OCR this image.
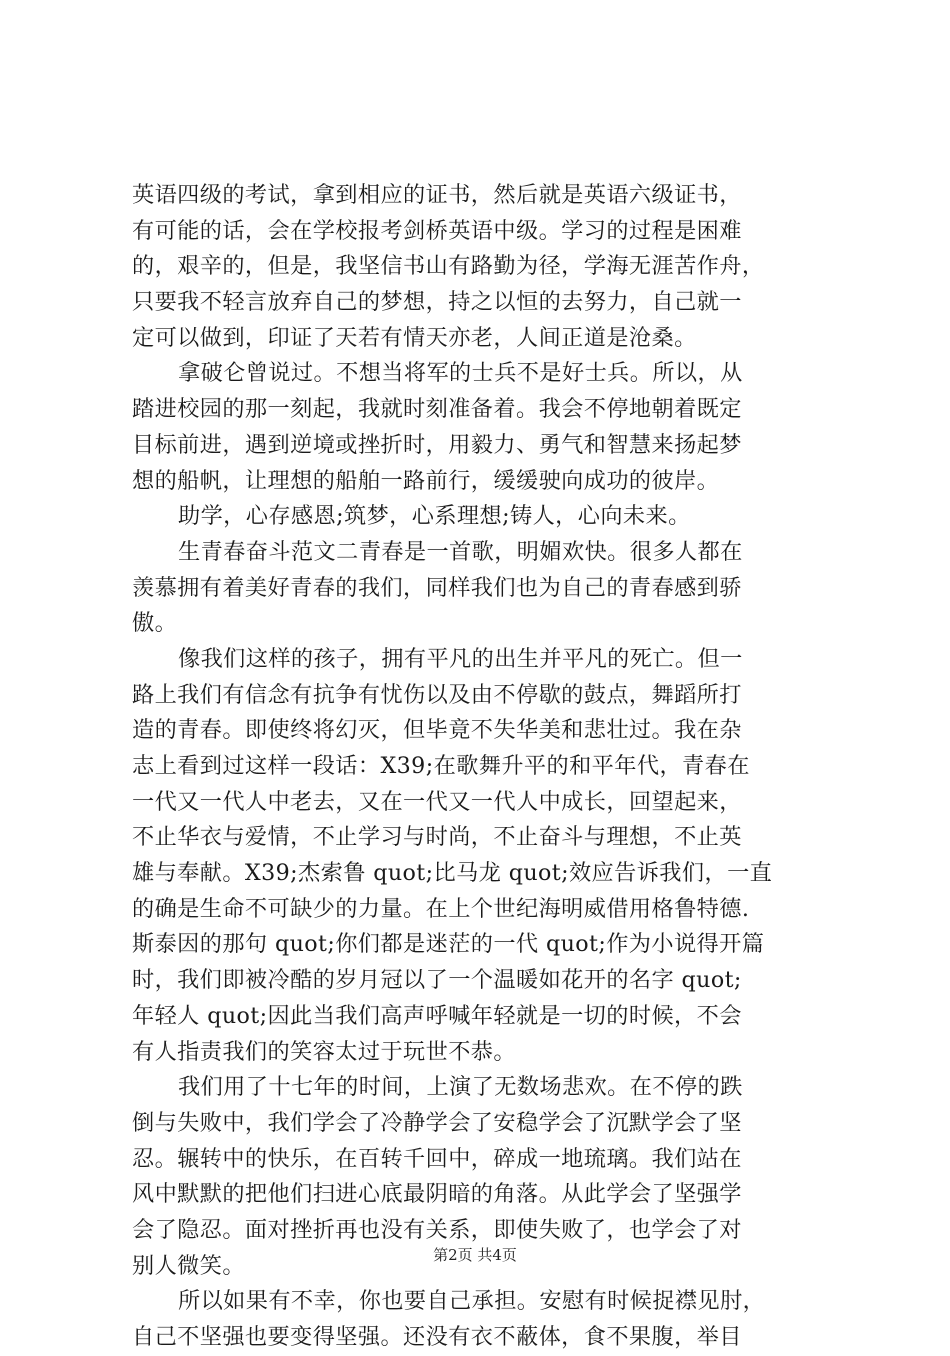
英语四级的考试，拿到相应的证书，然后就是英语六级证书，
有可能的话，会在学校报考剑桥英语中级。学习的过程是困难
的，艰辛的，但是，我坚信书山有路勤为径，学海无涯苦作舟，
只要我不轻言放弃自己的梦想，持之以恒的去努力，自己就一
定可以做到，印证了天若有情天亦老，人间正道是沧桑。
拿破仑曾说过。不想当将军的士兵不是好士兵。所以，从
踏进校园的那一刻起，我就时刻准备着。我会不停地朝着既定
目标前进，遇到逆境或挫折时，用毅力、勇气和智慧来扬起梦
想的船帆，让理想的船舶一路前行，缓缓驶向成功的彼岸。
助学，心存感恩;筑梦，心系理想;铸人，心向未来。
生青春奋斗范文二青春是一首歌，明媚欢快。很多人都在
羡慕拥有着美好青春的我们，同样我们也为自己的青春感到骄
傲。
像我们这样的孩子，拥有平凡的出生并平凡的死亡。但一
路上我们有信念有抗争有忧伤以及由不停歇的鼓点，舞蹈所打
造的青春。即使终将幻灭，但毕竟不失华美和悲壮过。我在杂
志上看到过这样一段话：X39;在歌舞升平的和平年代，青春在
一代又一代人中老去，又在一代又一代人中成长，回望起来，
不止华衣与爱情，不止学习与时尚，不止奋斗与理想，不止英
雄与奉献。X39;杰索鲁 quot;比马龙 quot;效应告诉我们，一直
的确是生命不可缺少的力量。在上个世纪海明威借用格鲁特德.
斯泰因的那句 quot;你们都是迷茫的一代 quot;作为小说得开篇
时，我们即被冷酷的岁月冠以了一个温暖如花开的名字 quot;
年轻人 quot;因此当我们高声呼喊年轻就是一切的时候，不会
有人指责我们的笑容太过于玩世不恭。
我们用了十七年的时间，上演了无数场悲欢。在不停的跌
倒与失败中，我们学会了冷静学会了安稳学会了沉默学会了坚
忍。辗转中的快乐，在百转千回中，碎成一地琉璃。我们站在
风中默默的把他们扫进心底最阴暗的角落。从此学会了坚强学
会了隐忍。面对挫折再也没有关系，即使失败了，也学会了对
别人微笑。
所以如果有不幸，你也要自己承担。安慰有时候捉襟见肘，
自己不坚强也要变得坚强。还没有衣不蔽体，食不果腹，举目
第2页 共4页
